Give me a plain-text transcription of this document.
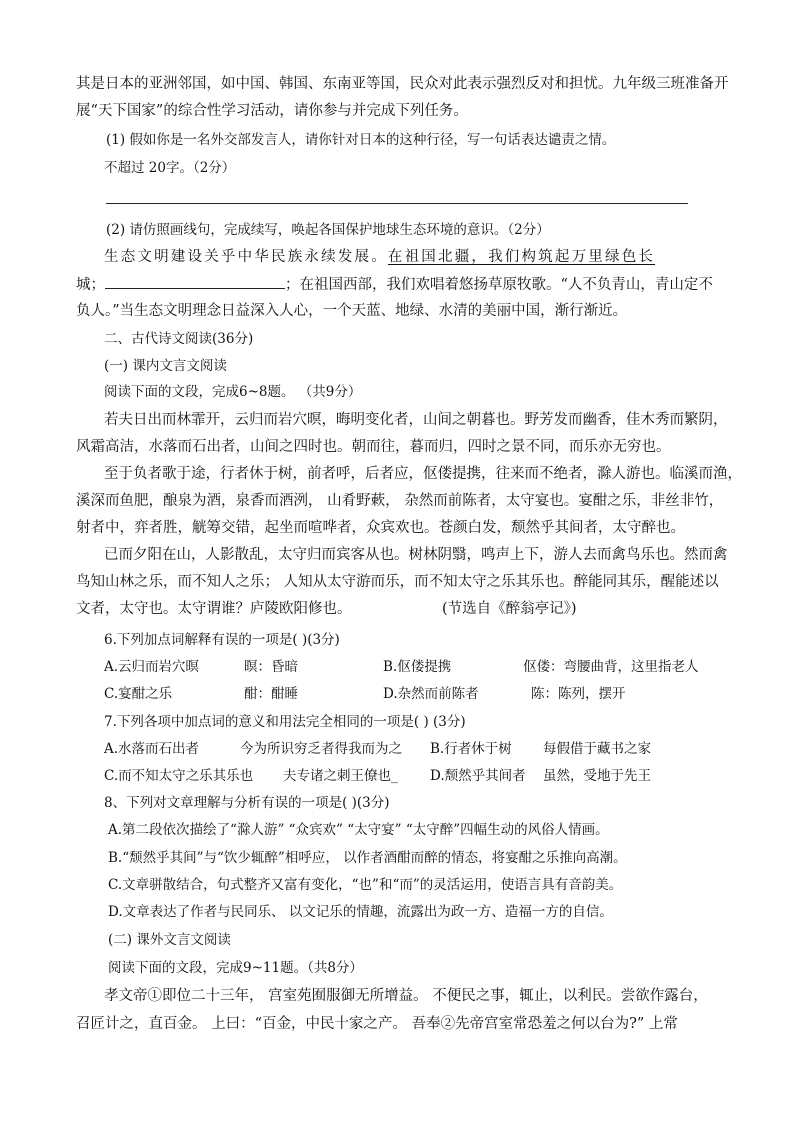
其是日本的亚洲邻国，如中国、韩国、东南亚等国，民众对此表示强烈反对和担忧。九年级三班准备开
展“天下国家”的综合性学习活动，请你参与并完成下列任务。
(1) 假如你是一名外交部发言人，请你针对日本的这种行径，写一句话表达谴责之情。
不超过 20字。（2分）
(2) 请仿照画线句，完成续写，唤起各国保护地球生态环境的意识。（2分）
生态文明建设关乎中华民族永续发展。在祖国北疆，我们构筑起万里绿色长
城；	；在祖国西部，我们欢唱着悠扬草原牧歌。“人不负青山，青山定不
负人。”当生态文明理念日益深入人心，一个天蓝、地绿、水清的美丽中国，渐行渐近。
二、古代诗文阅读(36分)
(一) 课内文言文阅读
阅读下面的文段，完成6~8题。 （共9分）
若夫日出而林霏开，云归而岩穴暝，晦明变化者，山间之朝暮也。野芳发而幽香，佳木秀而繁阴，
风霜高洁，水落而石出者，山间之四时也。朝而往，暮而归，四时之景不同，而乐亦无穷也。
至于负者歌于途，行者休于树，前者呼，后者应，伛偻提携，往来而不绝者，滁人游也。临溪而渔，
溪深而鱼肥，酿泉为酒，泉香而酒洌， 山肴野蔌， 杂然而前陈者，太守宴也。宴酣之乐，非丝非竹，
射者中，弈者胜，觥筹交错，起坐而喧哗者，众宾欢也。苍颜白发，颓然乎其间者，太守醉也。
已而夕阳在山，人影散乱，太守归而宾客从也。树林阴翳，鸣声上下，游人去而禽鸟乐也。然而禽
鸟知山林之乐，而不知人之乐； 人知从太守游而乐，而不知太守之乐其乐也。醉能同其乐，醒能述以
文者，太守也。太守谓谁？庐陵欧阳修也。	(节选自《醉翁亭记》)
6.下列加点词解释有误的一项是( )(3分)
A.云归而岩穴暝	暝：昏暗	B.伛偻提携	伛偻：弯腰曲背，这里指老人
C.宴酣之乐	酣：酣睡	D.杂然而前陈者	陈：陈列，摆开
7.下列各项中加点词的意义和用法完全相同的一项是( ) (3分)
A.水落而石出者	今为所识穷乏者得我而为之 B.行者休于树 每假借于藏书之家
C.而不知太守之乐其乐也 夫专诸之刺王僚也_ D.颓然乎其间者 虽然，受地于先王
8、下列对文章理解与分析有误的一项是( )(3分)
A.第二段依次描绘了“滁人游” “众宾欢” “太守宴” “太守醉”四幅生动的风俗人情画。
B.“颓然乎其间”与“饮少辄醉”相呼应， 以作者酒酣而醉的情态，将宴酣之乐推向高潮。
C.文章骈散结合，句式整齐又富有变化，“也”和“而”的灵活运用，使语言具有音韵美。
D.文章表达了作者与民同乐、 以文记乐的情趣，流露出为政一方、造福一方的自信。
(二) 课外文言文阅读
阅读下面的文段，完成9~11题。（共8分）
孝文帝①即位二十三年， 宫室苑囿服御无所增益。 不便民之事，辄止，以利民。尝欲作露台，
召匠计之，直百金。 上曰：“百金，中民十家之产。 吾奉②先帝宫室常恐羞之何以台为?” 上常
